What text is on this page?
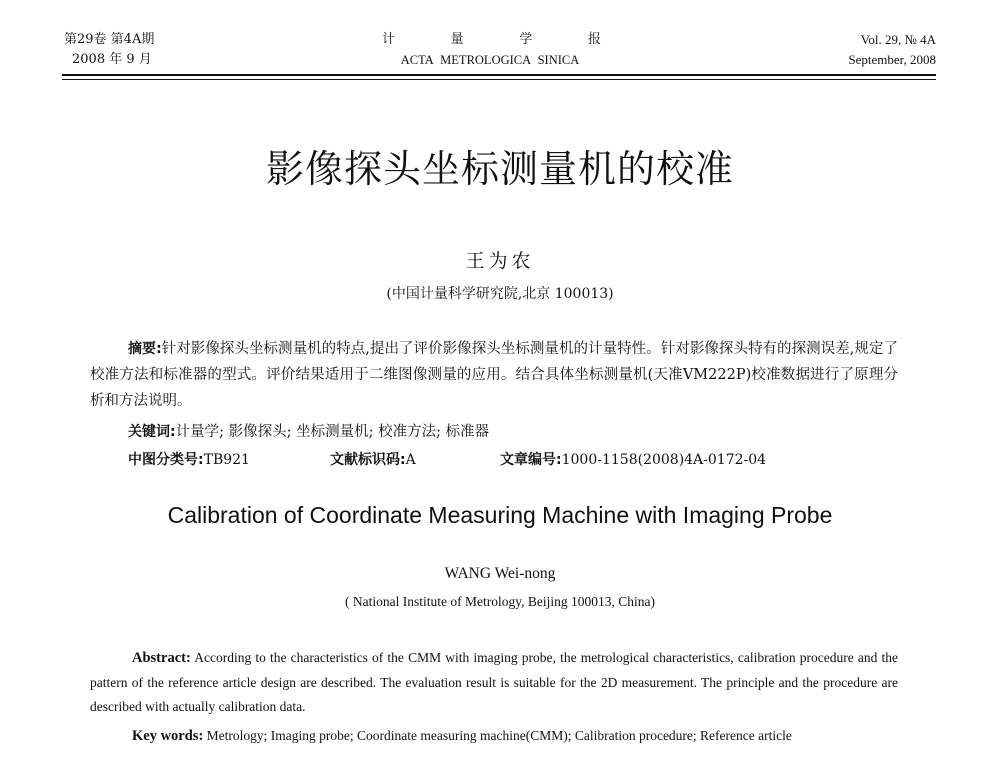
第29卷 第4A期
2008 年 9 月
计	量	学	报
ACTA METROLOGICA SINICA
Vol. 29, № 4A
September, 2008
影像探头坐标测量机的校准
王为农
(中国计量科学研究院,北京 100013)
摘要:针对影像探头坐标测量机的特点,提出了评价影像探头坐标测量机的计量特性。针对影像探头特有的探测误差,规定了校准方法和标准器的型式。评价结果适用于二维图像测量的应用。结合具体坐标测量机(天准VM222P)校准数据进行了原理分析和方法说明。
关键词:计量学; 影像探头; 坐标测量机; 校准方法; 标准器
中图分类号:TB921	文献标识码:A	文章编号:1000-1158(2008)4A-0172-04
Calibration of Coordinate Measuring Machine with Imaging Probe
WANG Wei-nong
( National Institute of Metrology, Beijing 100013, China)
Abstract: According to the characteristics of the CMM with imaging probe, the metrological characteristics, calibration procedure and the pattern of the reference article design are described. The evaluation result is suitable for the 2D measurement. The principle and the procedure are described with actually calibration data.
Key words: Metrology; Imaging probe; Coordinate measuring machine(CMM); Calibration procedure; Reference article
